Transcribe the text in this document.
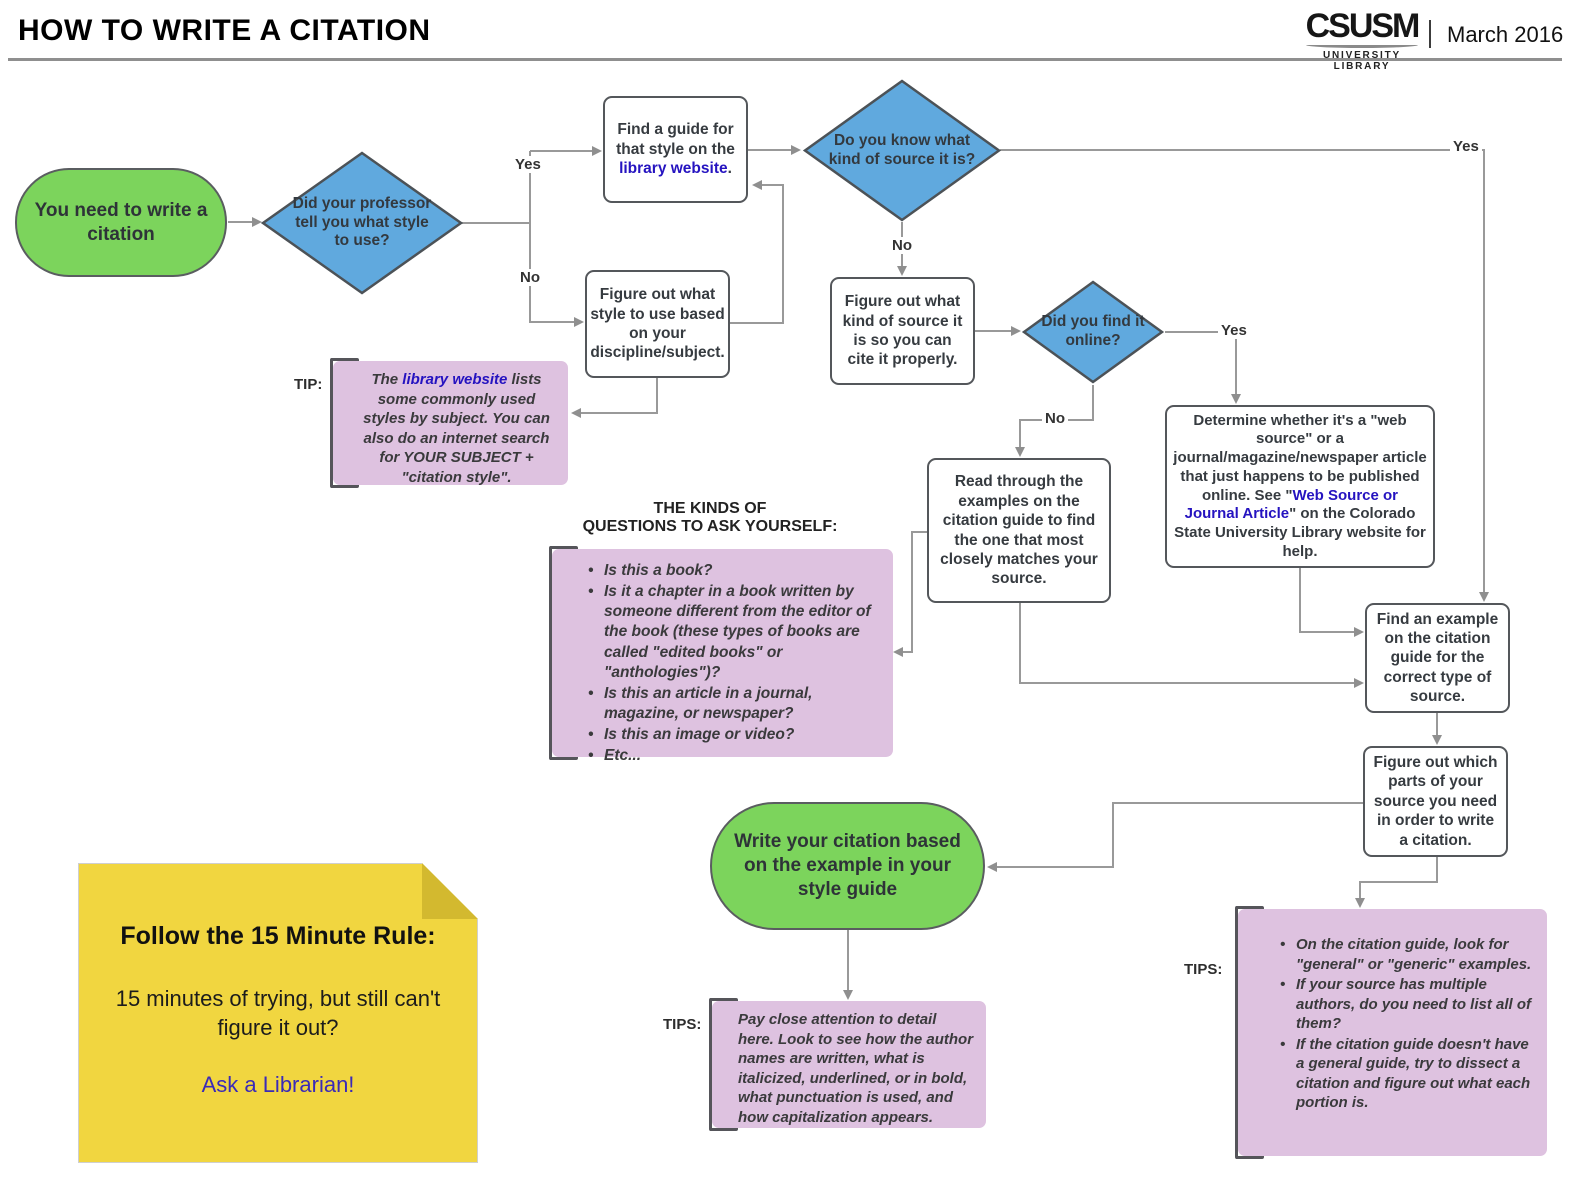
HOW TO WRITE A CITATION	CSUSM
UNIVERSITY LIBRARY
March 2016
Yes
No
Yes
No
Yes
No
You need to write a citation
Did your professor tell you what style to use?
Find a guide for that style on the library website.
Figure out what style to use based on your discipline/subject.
Do you know what kind of source it is?
Figure out what kind of source it is so you can cite it properly.
Did you find it online?
Determine whether it's a "web source" or a journal/magazine/newspaper article that just happens to be published online. See "Web Source or Journal Article" on the Colorado State University Library website for help.
Read through the examples on the citation guide to find the one that most closely matches your source.
Find an example on the citation guide for the correct type of source.
Figure out which parts of your source you need in order to write a citation.
Write your citation based on the example in your style guide
TIP:	The library website lists some commonly used styles by subject. You can also do an internet search for YOUR SUBJECT + "citation style".
THE KINDS OF
QUESTIONS TO ASK YOURSELF:
• Is this a book?
• Is it a chapter in a book written by someone different from the editor of the book (these types of books are called "edited books" or "anthologies")?
• Is this an article in a journal, magazine, or newspaper?
• Is this an image or video?
• Etc...
TIPS:	Pay close attention to detail here. Look to see how the author names are written, what is italicized, underlined, or in bold, what punctuation is used, and how capitalization appears.
TIPS:
• On the citation guide, look for "general" or "generic" examples.
• If your source has multiple authors, do you need to list all of them?
• If the citation guide doesn't have a general guide, try to dissect a citation and figure out what each portion is.
Follow the 15 Minute Rule:
15 minutes of trying, but still can't figure it out?
Ask a Librarian!
